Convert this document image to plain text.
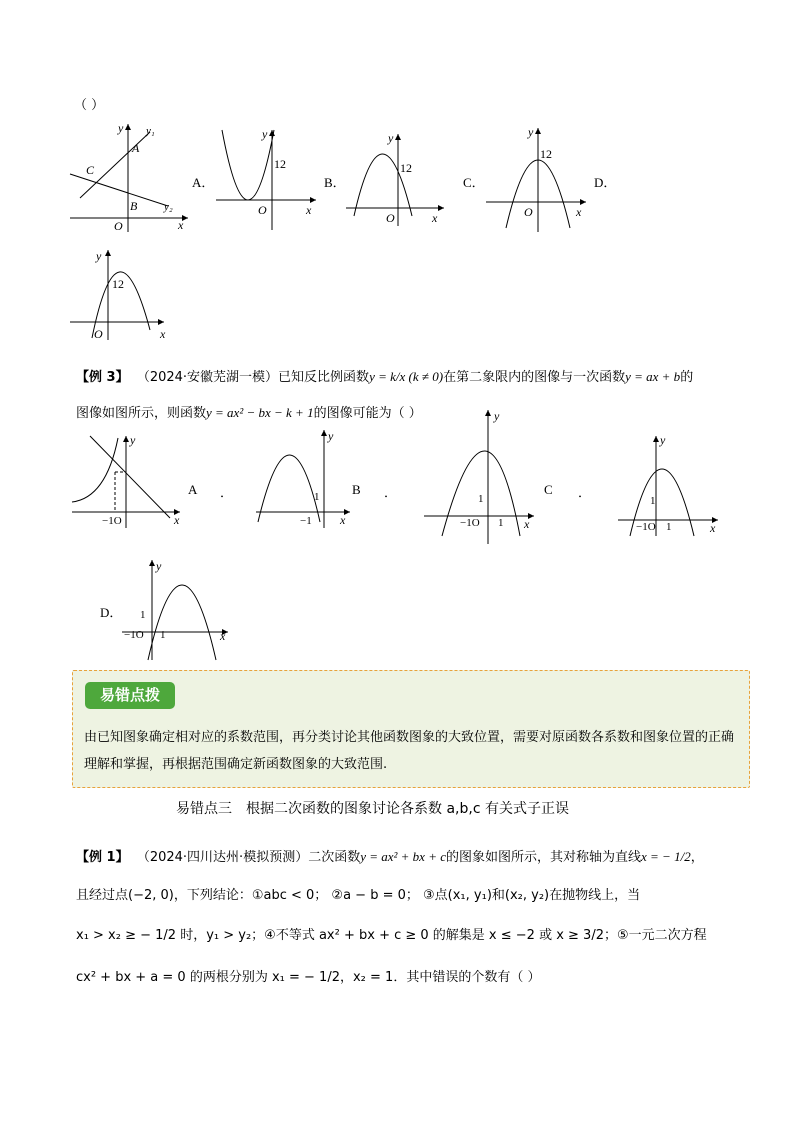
（ ）
y y₁
A
C
B y₂
O	x
A．
y
12
O	x
B．
y
12
O	x
C．
y
12
O	x
D．
y
12
O	x
【例 3】 （2024·安徽芜湖一模）已知反比例函数y = k/x (k ≠ 0)在第二象限内的图像与一次函数y = ax + b的
图像如图所示，则函数y = ax² − bx − k + 1的图像可能为（ ）
y
−1O	x
A ．
y
1
−1 x
B ．
y
1
−1O 1 x
C ．
y
1
−1O 1	x
D．
y
1
−1O 1	x
易错点拨
由已知图象确定相对应的系数范围，再分类讨论其他函数图象的大致位置，需要对原函数各系数和图象位置的正确理解和掌握，再根据范围确定新函数图象的大致范围.
易错点三　根据二次函数的图象讨论各系数 a,b,c 有关式子正误
【例 1】 （2024·四川达州·模拟预测）二次函数y = ax² + bx + c的图象如图所示，其对称轴为直线x = − 1/2，
且经过点(−2, 0)，下列结论：①abc < 0； ②a − b = 0； ③点(x₁, y₁)和(x₂, y₂)在抛物线上，当
x₁ > x₂ ≥ − 1/2 时，y₁ > y₂；④不等式 ax² + bx + c ≥ 0 的解集是 x ≤ −2 或 x ≥ 3/2；⑤一元二次方程
cx² + bx + a = 0 的两根分别为 x₁ = − 1/2，x₂ = 1．其中错误的个数有（ ）
